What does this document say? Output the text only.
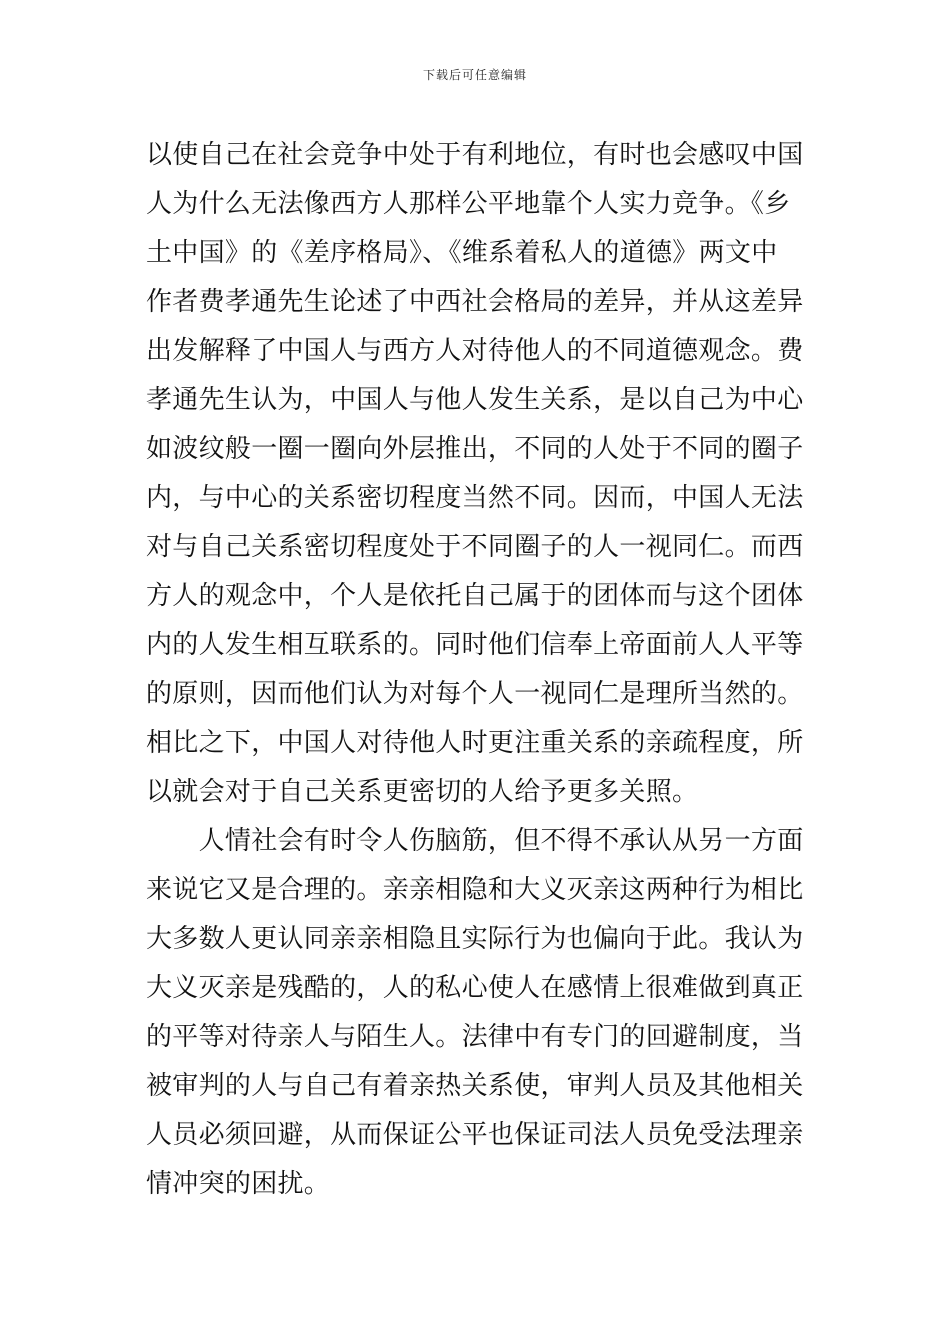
下载后可任意编辑
以使自己在社会竞争中处于有利地位，有时也会感叹中国
人为什么无法像西方人那样公平地靠个人实力竞争。《乡
土中国》的《差序格局》、《维系着私人的道德》两文中
作者费孝通先生论述了中西社会格局的差异，并从这差异
出发解释了中国人与西方人对待他人的不同道德观念。费
孝通先生认为，中国人与他人发生关系，是以自己为中心
如波纹般一圈一圈向外层推出，不同的人处于不同的圈子
内，与中心的关系密切程度当然不同。因而，中国人无法
对与自己关系密切程度处于不同圈子的人一视同仁。而西
方人的观念中，个人是依托自己属于的团体而与这个团体
内的人发生相互联系的。同时他们信奉上帝面前人人平等
的原则，因而他们认为对每个人一视同仁是理所当然的。
相比之下，中国人对待他人时更注重关系的亲疏程度，所
以就会对于自己关系更密切的人给予更多关照。
　　人情社会有时令人伤脑筋，但不得不承认从另一方面
来说它又是合理的。亲亲相隐和大义灭亲这两种行为相比
大多数人更认同亲亲相隐且实际行为也偏向于此。我认为
大义灭亲是残酷的，人的私心使人在感情上很难做到真正
的平等对待亲人与陌生人。法律中有专门的回避制度，当
被审判的人与自己有着亲热关系使，审判人员及其他相关
人员必须回避，从而保证公平也保证司法人员免受法理亲
情冲突的困扰。
